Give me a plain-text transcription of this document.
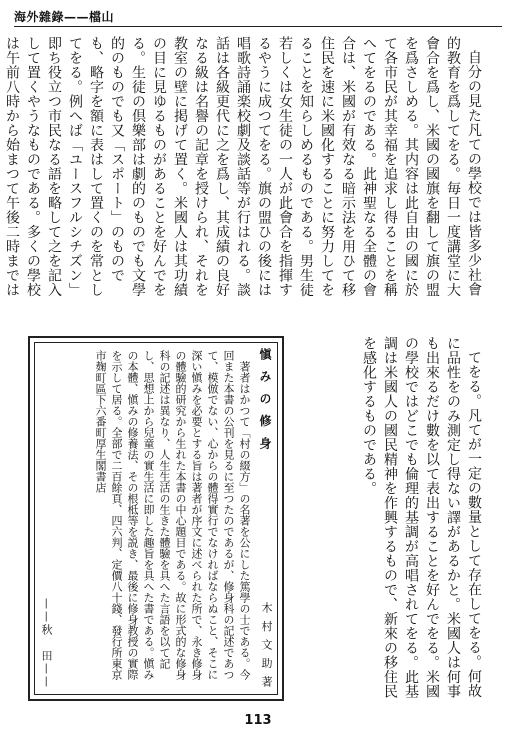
海外雜錄——檔山

自分の見た凡ての學校では皆多少社會的教育を爲してをる。毎日一度講堂に大會合を爲し、米國の國旗を翻して旗の盟を爲さしめる。其内容は此自由の國に於て各市民が其幸福を追求し得ることを稱へてをるのである。此神聖なる全體の會合は、米國が有效なる暗示法を用ひて移住民を速に米國化することに努力してをることを知らしめるものである。男生徒若しくは女生徒の一人が此會合を指揮するやうに成つてをる。旗の盟ひの後には唱歌詩誦楽校劇及談話等が行はれる。談話は各級更代に之を爲し、其成績の良好なる級は名譽の記章を授けられ、それを教室の壁に掲げて置く。米國人は其功績の目に見ゆるものがあることを好んでをる。生徒の倶樂部は劇的のものでも文學的のものでも又「スポート」のものでも、略字を額に表はして置くのを常としてをる。例へば「ユースフルシチズン」即ち役立つ市民なる語を略して之を記入して置くやうなものである。多くの學校は午前八時から始まつて午後二時までは

てをる。凡てが一定の數量として存在してをる。何故に品性をのみ測定し得ない譯があるかと。米國人は何事も出來るだけ數を以て表出することを好んでをる。米國の學校ではどこでも倫理的基調が高唱されてをる。此基調は米國人の國民精神を作興するもので、新來の移住民を感化するものである。

愼 み の 修 身
木 村 文 助 著

著者はかつて「村の綴方」の名著を公にした篤學の士である。今回また本書の公刊を見るに至つたのであるが、修身科の記述であつて、模倣でない、心からの體得實行でなければならぬこと、そこに深い愼みを必要とする旨は著者が序文に述べられた所で、永き修身の體驗的研究から生れた本書の中心題目である。故に形式的な修身科の記述は異なり、人生生活の生きた體驗を具へた言語を以て記し、思想上から兒童の實生活に即した趣旨を具へた書である。愼みの本體、愼みの修養法、その根柢等を説き、最後に修身教授の實際を示して居る。全部で二百餘頁、四六判、定價八十錢、發行所東京市麹町區下六番町厚生閣書店

——秋　田——
113
